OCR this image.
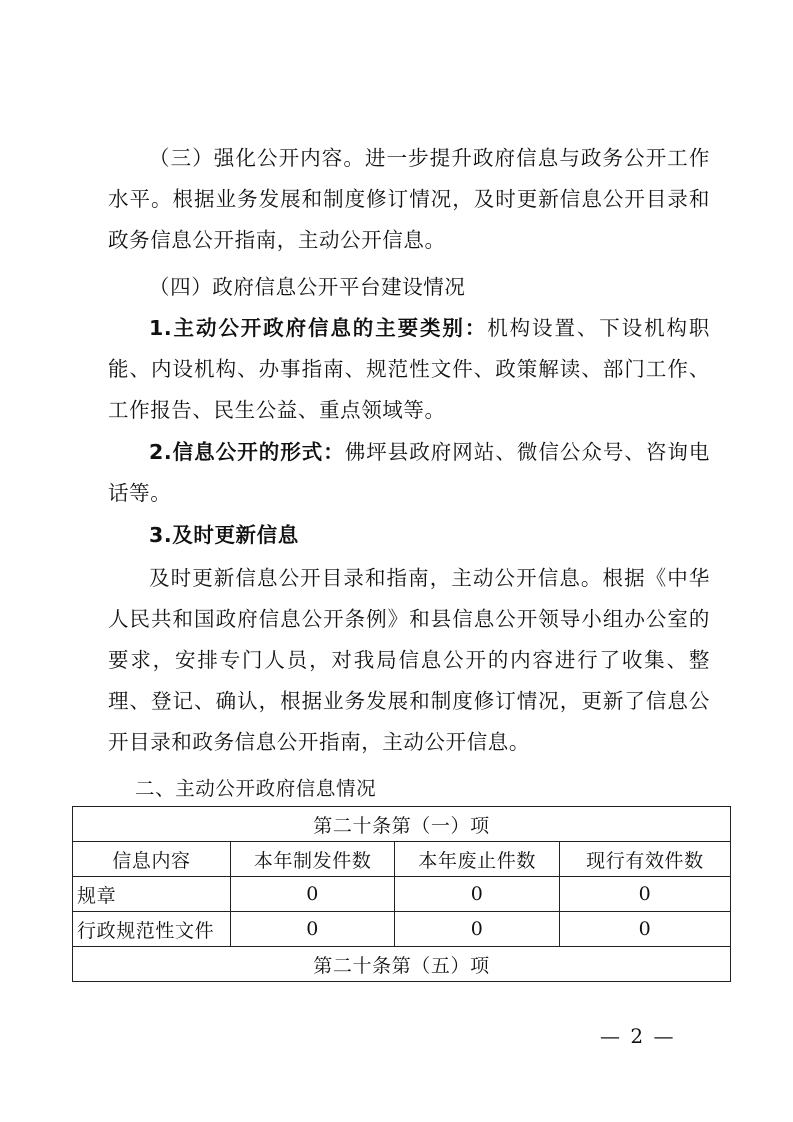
（三）强化公开内容。进一步提升政府信息与政务公开工作水平。根据业务发展和制度修订情况，及时更新信息公开目录和政务信息公开指南，主动公开信息。

（四）政府信息公开平台建设情况

1.主动公开政府信息的主要类别：机构设置、下设机构职能、内设机构、办事指南、规范性文件、政策解读、部门工作、工作报告、民生公益、重点领域等。

2.信息公开的形式：佛坪县政府网站、微信公众号、咨询电话等。

3.及时更新信息

及时更新信息公开目录和指南，主动公开信息。根据《中华人民共和国政府信息公开条例》和县信息公开领导小组办公室的要求，安排专门人员，对我局信息公开的内容进行了收集、整理、登记、确认，根据业务发展和制度修订情况，更新了信息公开目录和政务信息公开指南，主动公开信息。

二、主动公开政府信息情况

第二十条第（一）项			
信息内容	本年制发件数	本年废止件数	现行有效件数
规章	0	0	0
行政规范性文件	0	0	0
第二十条第（五）项			
— 2 —
